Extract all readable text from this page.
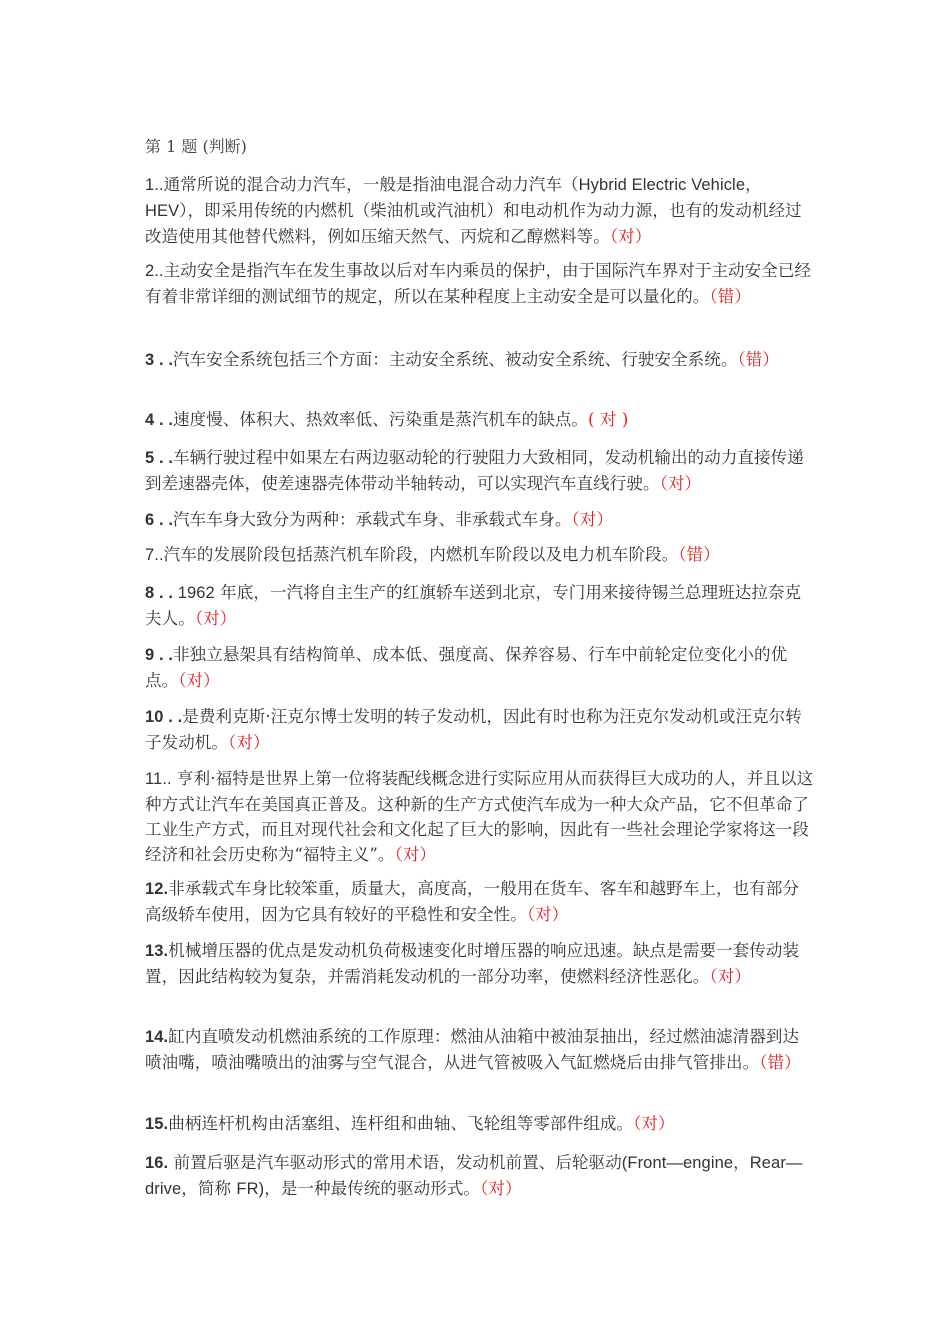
第 1 题 (判断)
1..通常所说的混合动力汽车，一般是指油电混合动力汽车（Hybrid Electric Vehicle，HEV），即采用传统的内燃机（柴油机或汽油机）和电动机作为动力源，也有的发动机经过改造使用其他替代燃料，例如压缩天然气、丙烷和乙醇燃料等。（对）
2..主动安全是指汽车在发生事故以后对车内乘员的保护，由于国际汽车界对于主动安全已经有着非常详细的测试细节的规定，所以在某种程度上主动安全是可以量化的。（错）
3 . .汽车安全系统包括三个方面：主动安全系统、被动安全系统、行驶安全系统。（错）
4 . .速度慢、体积大、热效率低、污染重是蒸汽机车的缺点。( 对 )
5 . .车辆行驶过程中如果左右两边驱动轮的行驶阻力大致相同，发动机输出的动力直接传递到差速器壳体，使差速器壳体带动半轴转动，可以实现汽车直线行驶。（对）
6 . .汽车车身大致分为两种：承载式车身、非承载式车身。（对）
7..汽车的发展阶段包括蒸汽机车阶段，内燃机车阶段以及电力机车阶段。（错）
8 . . 1962 年底，一汽将自主生产的红旗轿车送到北京，专门用来接待锡兰总理班达拉奈克夫人。（对）
9 . .非独立悬架具有结构简单、成本低、强度高、保养容易、行车中前轮定位变化小的优点。（对）
10 . .是费利克斯·汪克尔博士发明的转子发动机，因此有时也称为汪克尔发动机或汪克尔转子发动机。（对）
11.. 亨利·福特是世界上第一位将装配线概念进行实际应用从而获得巨大成功的人，并且以这种方式让汽车在美国真正普及。这种新的生产方式使汽车成为一种大众产品，它不但革命了工业生产方式，而且对现代社会和文化起了巨大的影响，因此有一些社会理论学家将这一段经济和社会历史称为“福特主义”。（对）
12.非承载式车身比较笨重，质量大，高度高，一般用在货车、客车和越野车上，也有部分高级轿车使用，因为它具有较好的平稳性和安全性。（对）
13.机械增压器的优点是发动机负荷极速变化时增压器的响应迅速。缺点是需要一套传动装置，因此结构较为复杂，并需消耗发动机的一部分功率，使燃料经济性恶化。（对）
14.缸内直喷发动机燃油系统的工作原理：燃油从油箱中被油泵抽出，经过燃油滤清器到达喷油嘴，喷油嘴喷出的油雾与空气混合，从进气管被吸入气缸燃烧后由排气管排出。（错）
15.曲柄连杆机构由活塞组、连杆组和曲轴、飞轮组等零部件组成。（对）
16. 前置后驱是汽车驱动形式的常用术语，发动机前置、后轮驱动(Front—engine，Rear—drive，简称 FR)，是一种最传统的驱动形式。（对）
